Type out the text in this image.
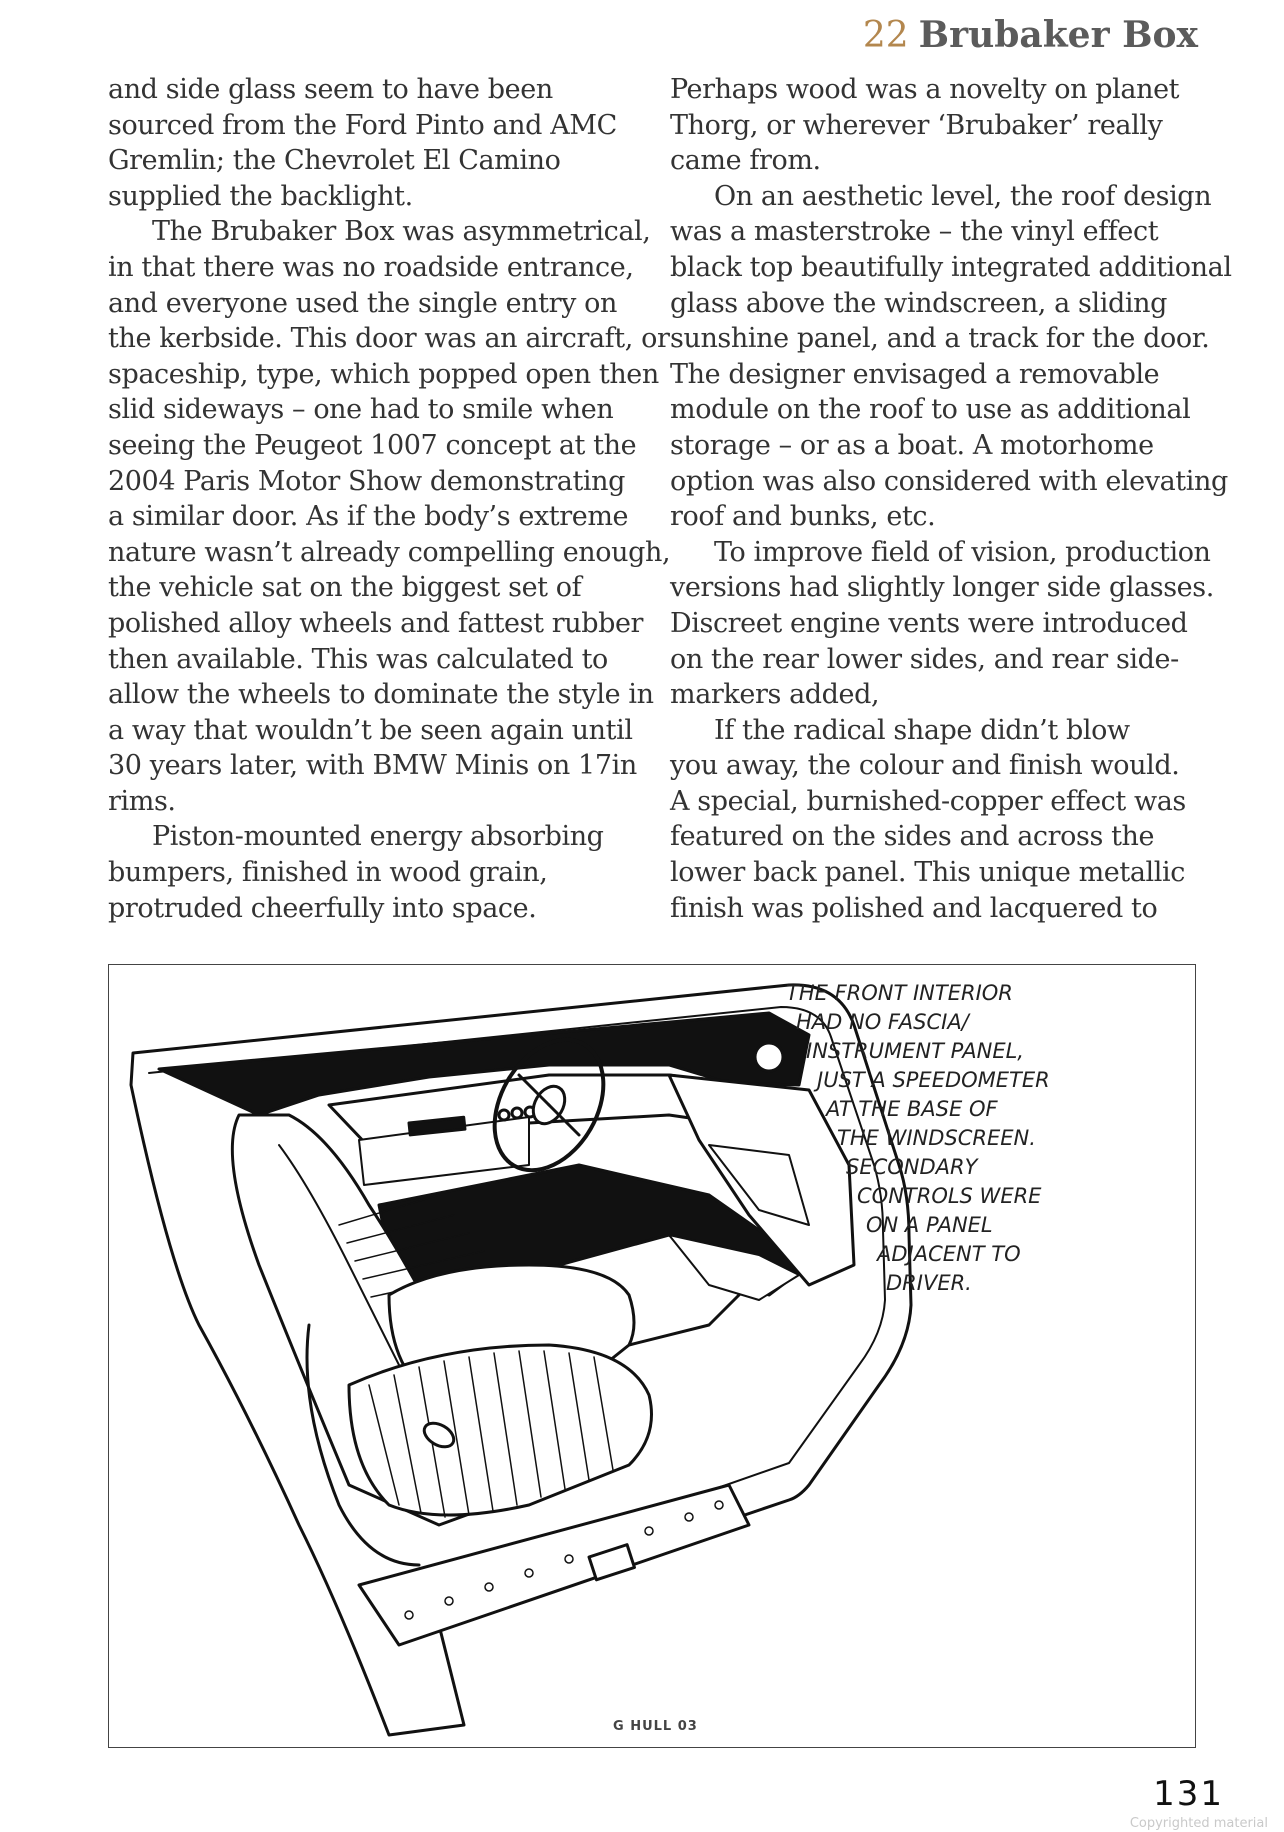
22 Brubaker Box
and side glass seem to have been
sourced from the Ford Pinto and AMC
Gremlin; the Chevrolet El Camino
supplied the backlight.
The Brubaker Box was asymmetrical,
in that there was no roadside entrance,
and everyone used the single entry on
the kerbside. This door was an aircraft, or
spaceship, type, which popped open then
slid sideways – one had to smile when
seeing the Peugeot 1007 concept at the
2004 Paris Motor Show demonstrating
a similar door. As if the body’s extreme
nature wasn’t already compelling enough,
the vehicle sat on the biggest set of
polished alloy wheels and fattest rubber
then available. This was calculated to
allow the wheels to dominate the style in
a way that wouldn’t be seen again until
30 years later, with BMW Minis on 17in
rims.
Piston-mounted energy absorbing
bumpers, finished in wood grain,
protruded cheerfully into space.
Perhaps wood was a novelty on planet
Thorg, or wherever ‘Brubaker’ really
came from.
On an aesthetic level, the roof design
was a masterstroke – the vinyl effect
black top beautifully integrated additional
glass above the windscreen, a sliding
sunshine panel, and a track for the door.
The designer envisaged a removable
module on the roof to use as additional
storage – or as a boat. A motorhome
option was also considered with elevating
roof and bunks, etc.
To improve field of vision, production
versions had slightly longer side glasses.
Discreet engine vents were introduced
on the rear lower sides, and rear side-
markers added,
If the radical shape didn’t blow
you away, the colour and finish would.
A special, burnished-copper effect was
featured on the sides and across the
lower back panel. This unique metallic
finish was polished and lacquered to
THE FRONT INTERIOR
HAD NO FASCIA/
INSTRUMENT PANEL,
JUST A SPEEDOMETER
AT THE BASE OF
THE WINDSCREEN.
SECONDARY
CONTROLS WERE
ON A PANEL
ADJACENT TO
DRIVER.
G HULL 03
131
Copyrighted material
